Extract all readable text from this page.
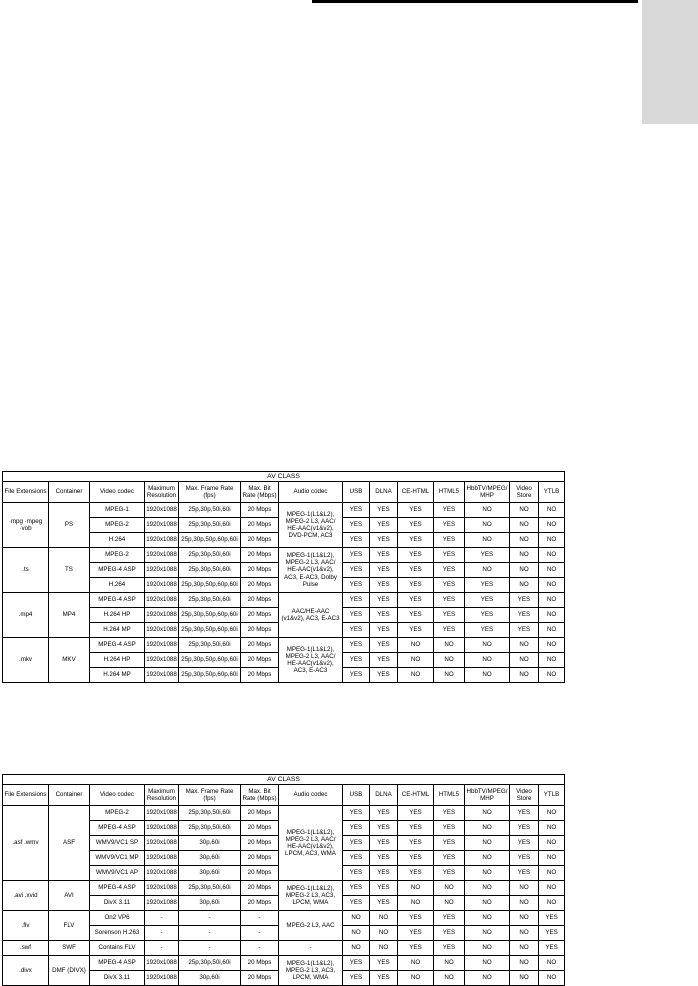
AV CLASS													
File Extensions	Container	Video codec	Maximum Resolution	Max. Frame Rate (fps)	Max. Bit Rate (Mbps)	Audio codec	USB	DLNA	CE-HTML	HTML5	HbbTV/MPEG/ MHP	Video Store	YTLB
·mpg ·mpeg ·vob	PS	MPEG-1	1920x1088	25p,30p,50i,60i	20 Mbps	MPEG-1(L1&L2), MPEG-2 L3, AAC/ HE-AAC(v1&v2), DVD-PCM, AC3	YES	YES	YES	YES	NO	NO	NO
		MPEG-2	1920x1088	25p,30p,50i,60i	20 Mbps		YES	YES	YES	YES	NO	NO	NO
		H.264	1920x1088	25p,30p,50p,60p,60i	20 Mbps		YES	YES	YES	YES	NO	NO	NO
.ts	TS	MPEG-2	1920x1088	25p,30p,50i,60i	20 Mbps	MPEG-1(L1&L2), MPEG-2 L3, AAC/ HE-AAC(v1&v2), AC3, E-AC3, Dolby Pulse	YES	YES	YES	YES	YES	NO	NO
		MPEG-4 ASP	1920x1088	25p,30p,50i,60i	20 Mbps		YES	YES	YES	YES	NO	NO	NO
		H.264	1920x1088	25p,30p,50p,60p,60i	20 Mbps		YES	YES	YES	YES	YES	NO	NO
.mp4	MP4	MPEG-4 ASP	1920x1088	25p,30p,50i,60i	20 Mbps	AAC/HE-AAC (v1&v2), AC3, E-AC3	YES	YES	YES	YES	YES	YES	NO
		H.264 HP	1920x1088	25p,30p,50p,60p,60i	20 Mbps		YES	YES	YES	YES	YES	YES	NO
		H.264 MP	1920x1088	25p,30p,50p,60p,60i	20 Mbps		YES	YES	YES	YES	YES	YES	NO
.mkv	MKV	MPEG-4 ASP	1920x1088	25p,30p,50i,60i	20 Mbps	MPEG-1(L1&L2), MPEG-2 L3, AAC/ HE-AAC(v1&v2), AC3, E-AC3	YES	YES	NO	NO	NO	NO	NO
		H.264 HP	1920x1088	25p,30p,50p,60p,60i	20 Mbps		YES	YES	NO	NO	NO	NO	NO
		H.264 MP	1920x1088	25p,30p,50p,60p,60i	20 Mbps		YES	YES	NO	NO	NO	NO	NO
AV CLASS													
File Extensions	Container	Video codec	Maximum Resolution	Max. Frame Rate (fps)	Max. Bit Rate (Mbps)	Audio codec	USB	DLNA	CE-HTML	HTML5	HbbTV/MPEG/ MHP	Video Store	YTLB
.asf .wmv	ASF	MPEG-2	1920x1088	25p,30p,50i,60i	20 Mbps	MPEG-1(L1&L2), MPEG-2 L3, AAC/ HE-AAC(v1&v2), LPCM, AC3, WMA	YES	YES	YES	YES	NO	YES	NO
		MPEG-4 ASP	1920x1088	25p,30p,50i,60i	20 Mbps		YES	YES	YES	YES	NO	YES	NO
		WMV9/VC1 SP	1920x1088	30p,60i	20 Mbps		YES	YES	YES	YES	NO	YES	NO
		WMV9/VC1 MP	1920x1088	30p,60i	20 Mbps		YES	YES	YES	YES	NO	YES	NO
		WMV9/VC1 AP	1920x1088	30p,60i	20 Mbps		YES	YES	YES	YES	NO	YES	NO
.avi .xvid	AVI	MPEG-4 ASP	1920x1088	25p,30p,50i,60i	20 Mbps	MPEG-1(L1&L2), MPEG-2 L3, AC3, LPCM, WMA	YES	YES	NO	NO	NO	NO	NO
		DivX 3.11	1920x1088	30p,60i	20 Mbps		YES	YES	NO	NO	NO	NO	NO
.flv	FLV	On2 VP6	-	-	-	MPEG-2 L3, AAC	NO	NO	YES	YES	NO	NO	YES
		Sorenson H.263	-	-	-		NO	NO	YES	YES	NO	NO	YES
.swf	SWF	Contains FLV	-	-	-	-	NO	NO	YES	YES	NO	NO	YES
.divx	DMF (DIVX)	MPEG-4 ASP	1920x1088	25p,30p,50i,60i	20 Mbps	MPEG-1(L1&L2), MPEG-2 L3, AC3, LPCM, WMA	YES	YES	NO	NO	NO	NO	NO
		DivX 3.11	1920x1088	30p,60i	20 Mbps		YES	YES	NO	NO	NO	NO	NO
